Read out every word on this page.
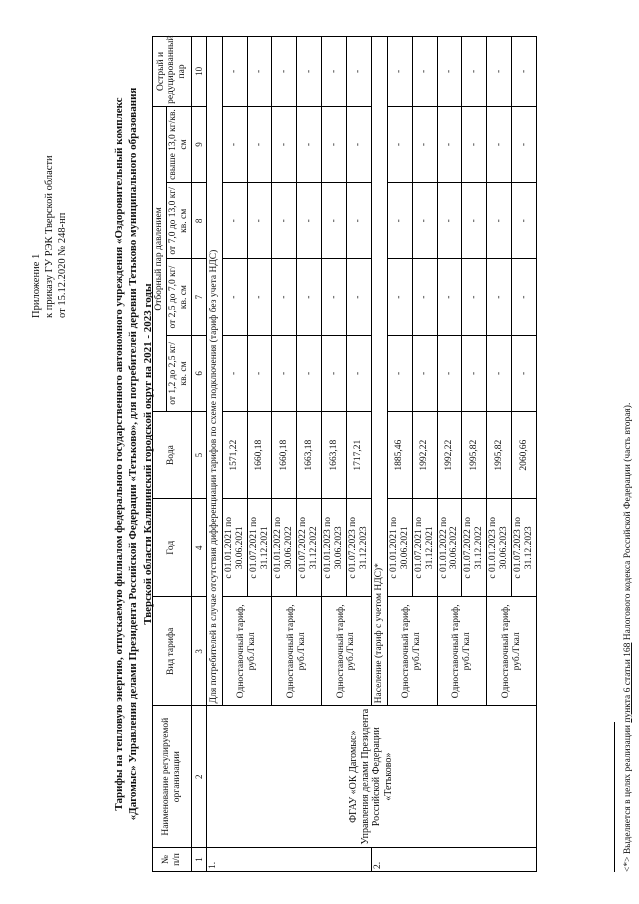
Приложение 1 к приказу ГУ РЭК Тверской области от 15.12.2020 № 248-нп	Тарифы на тепловую энергию, отпускаемую филиалом федерального государственного автономного учреждения «Оздоровительный комплекс «Дагомыс» Управления делами Президента Российской Федерации «Тетьково», для потребителей деревни Тетьково муниципального образования Тверской области Калининский городской округ на 2021 - 2023 годы
№ п/п	Наименование регулируемой организации	Вид тарифа	Год	Вода	Отборный пар давлением				Острый и редуцированный пар
					от 1,2 до 2,5 кг/кв. см	от 2,5 до 7,0 кг/кв. см	от 7,0 до 13,0 кг/кв. см	свыше 13,0 кг/кв. см	
1	2	3	4	5	6	7	8	9	10
1.	ФГАУ «ОК Дагомыс» Управления делами Президента Российской Федерации «Тетьково»	Для потребителей в случае отсутствия дифференциации тарифов по схеме подключения (тариф без учета НДС)							
		Одноставочный тариф, руб./Гкал	с 01.01.2021 по 30.06.2021	1571,22	-	-	-	-	-
			с 01.07.2021 по 31.12.2021	1660,18	-	-	-	-	-
		Одноставочный тариф, руб./Гкал	с 01.01.2022 по 30.06.2022	1660,18	-	-	-	-	-
			с 01.07.2022 по 31.12.2022	1663,18	-	-	-	-	-
		Одноставочный тариф, руб./Гкал	с 01.01.2023 по 30.06.2023	1663,18	-	-	-	-	-
			с 01.07.2023 по 31.12.2023	1717,21	-	-	-	-	-
2.		Население (тариф с учетом НДС)*							
		Одноставочный тариф, руб./Гкал	с 01.01.2021 по 30.06.2021	1885,46	-	-	-	-	-
			с 01.07.2021 по 31.12.2021	1992,22	-	-	-	-	-
		Одноставочный тариф, руб./Гкал	с 01.01.2022 по 30.06.2022	1992,22	-	-	-	-	-
			с 01.07.2022 по 31.12.2022	1995,82	-	-	-	-	-
		Одноставочный тариф, руб./Гкал	с 01.01.2023 по 30.06.2023	1995,82	-	-	-	-	-
			с 01.07.2023 по 31.12.2023	2060,66	-	-	-	-	-
<*> Выделяется в целях реализации пункта 6 статьи 168 Налогового кодекса Российской Федерации (часть вторая).
